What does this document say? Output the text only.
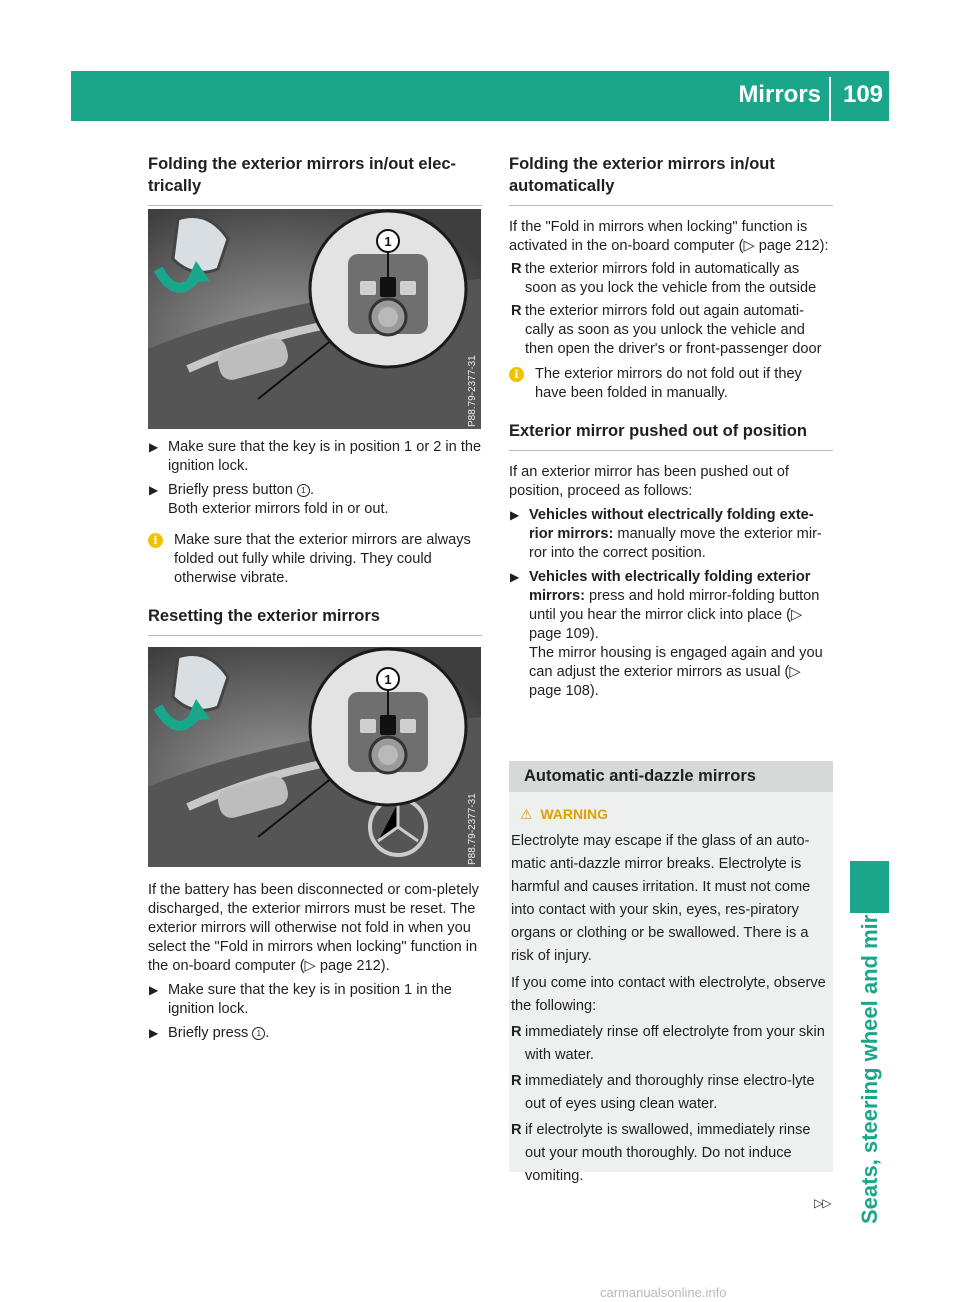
Mirrors 109
Seats, steering wheel and mirrors
Folding the exterior mirrors in/out elec-
trically
1
P88.79-2377-31
▶ Make sure that the key is in position 1 or 2 in the ignition lock.
▶ Briefly press button 1 .
Both exterior mirrors fold in or out.
i	Make sure that the exterior mirrors are always folded out fully while driving. They could otherwise vibrate.
Resetting the exterior mirrors
1
P88.79-2377-31

If the battery has been disconnected or com-pletely discharged, the exterior mirrors must be reset. The exterior mirrors will otherwise not fold in when you select the "Fold in mirrors when locking" function in the on-board computer (▷ page 212).

▶ Make sure that the key is in position 1 in the ignition lock.
▶ Briefly press 1 .
Folding the exterior mirrors in/out
automatically

If the "Fold in mirrors when locking" function is activated in the on-board computer (▷ page 212):

R the exterior mirrors fold in automatically as soon as you lock the vehicle from the outside
R the exterior mirrors fold out again automati-cally as soon as you unlock the vehicle and then open the driver's or front-passenger door
i	The exterior mirrors do not fold out if they have been folded in manually.
Exterior mirror pushed out of position

If an exterior mirror has been pushed out of position, proceed as follows:

▶ Vehicles without electrically folding exte-rior mirrors: manually move the exterior mir-ror into the correct position.
▶ Vehicles with electrically folding exterior mirrors: press and hold mirror-folding button until you hear the mirror click into place (▷ page 109).
The mirror housing is engaged again and you can adjust the exterior mirrors as usual (▷ page 108).
Automatic anti-dazzle mirrors
⚠ WARNING

Electrolyte may escape if the glass of an auto-matic anti-dazzle mirror breaks. Electrolyte is harmful and causes irritation. It must not come into contact with your skin, eyes, res-piratory organs or clothing or be swallowed. There is a risk of injury.

If you come into contact with electrolyte, observe the following:

R immediately rinse off electrolyte from your skin with water.
R immediately and thoroughly rinse electro-lyte out of eyes using clean water.
R if electrolyte is swallowed, immediately rinse out your mouth thoroughly. Do not induce vomiting.
▷▷
carmanualsonline.info
